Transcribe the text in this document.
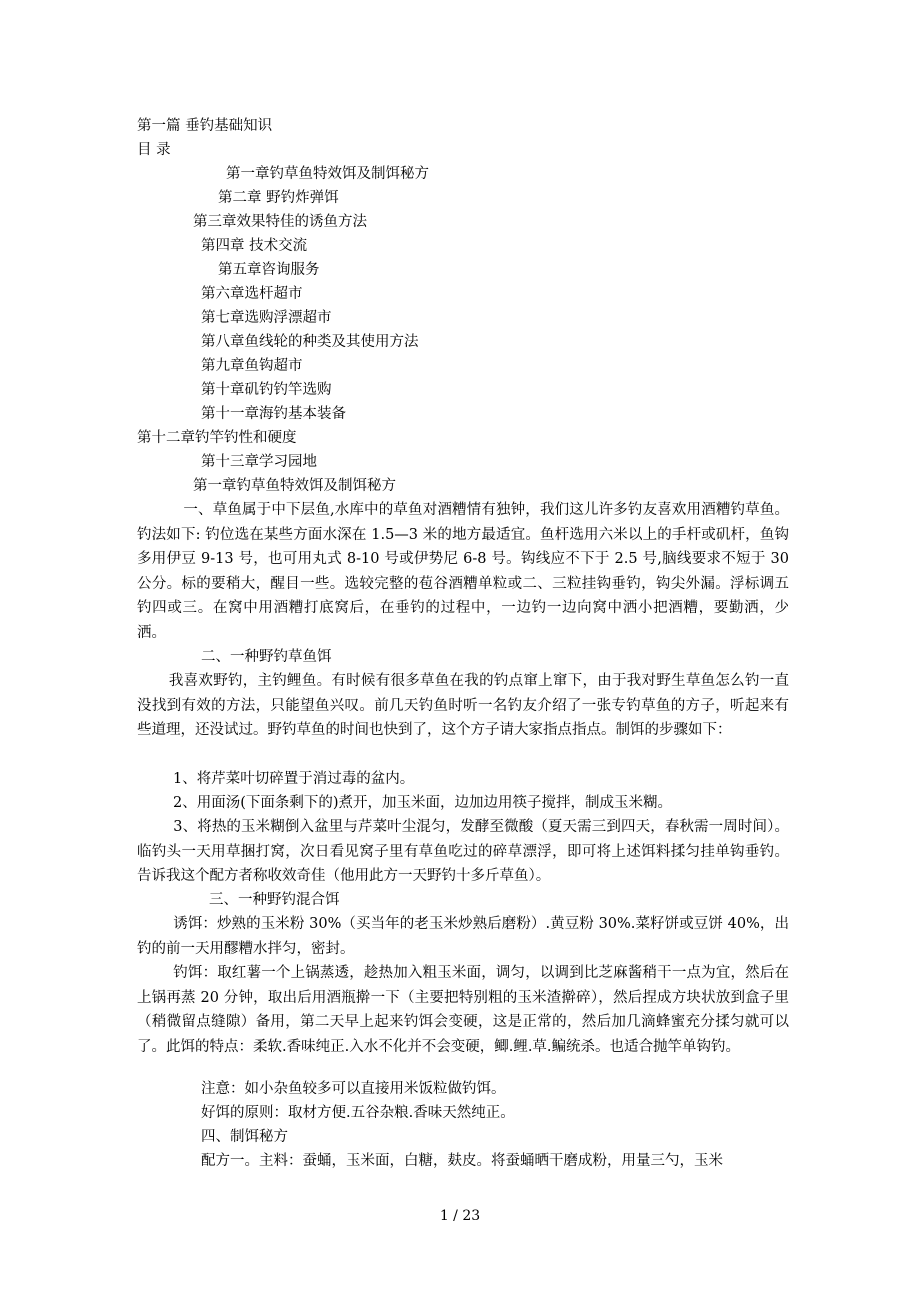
第一篇 垂钓基础知识
目 录
第一章钓草鱼特效饵及制饵秘方
第二章 野钓炸弹饵
第三章效果特佳的诱鱼方法
第四章 技术交流
第五章咨询服务
第六章选杆超市
第七章选购浮漂超市
第八章鱼线轮的种类及其使用方法
第九章鱼钩超市
第十章矶钓钓竿选购
第十一章海钓基本装备
第十二章钓竿钓性和硬度
第十三章学习园地
第一章钓草鱼特效饵及制饵秘方
一、草鱼属于中下层鱼,水库中的草鱼对酒糟情有独钟，我们这儿许多钓友喜欢用酒糟钓草鱼。钓法如下: 钓位选在某些方面水深在 1.5—3 米的地方最适宜。鱼杆选用六米以上的手杆或矶杆，鱼钩多用伊豆 9-13 号，也可用丸式 8-10 号或伊势尼 6-8 号。钩线应不下于 2.5 号,脑线要求不短于 30 公分。标的要稍大，醒目一些。选较完整的苞谷酒糟单粒或二、三粒挂钩垂钓，钩尖外漏。浮标调五钓四或三。在窝中用酒糟打底窝后，在垂钓的过程中，一边钓一边向窝中洒小把酒糟，要勤洒，少洒。
二、一种野钓草鱼饵
我喜欢野钓，主钓鲤鱼。有时候有很多草鱼在我的钓点窜上窜下，由于我对野生草鱼怎么钓一直没找到有效的方法，只能望鱼兴叹。前几天钓鱼时听一名钓友介绍了一张专钓草鱼的方子，听起来有些道理，还没试过。野钓草鱼的时间也快到了，这个方子请大家指点指点。制饵的步骤如下：
1、将芹菜叶切碎置于消过毒的盆内。
2、用面汤(下面条剩下的)煮开，加玉米面，边加边用筷子搅拌，制成玉米糊。
3、将热的玉米糊倒入盆里与芹菜叶尘混匀，发酵至微酸（夏天需三到四天，春秋需一周时间）。临钓头一天用草捆打窝，次日看见窝子里有草鱼吃过的碎草漂浮，即可将上述饵料揉匀挂单钩垂钓。告诉我这个配方者称收效奇佳（他用此方一天野钓十多斤草鱼）。
三、一种野钓混合饵
诱饵：炒熟的玉米粉 30%（买当年的老玉米炒熟后磨粉）.黄豆粉 30%.菜籽饼或豆饼 40%，出钓的前一天用醪糟水拌匀，密封。
钓饵：取红薯一个上锅蒸透，趁热加入粗玉米面，调匀，以调到比芝麻酱稍干一点为宜，然后在上锅再蒸 20 分钟，取出后用酒瓶擀一下（主要把特别粗的玉米渣擀碎），然后捏成方块状放到盒子里（稍微留点缝隙）备用，第二天早上起来钓饵会变硬，这是正常的，然后加几滴蜂蜜充分揉匀就可以了。此饵的特点：柔软.香味纯正.入水不化并不会变硬，鲫.鲤.草.鳊统杀。也适合抛竿单钩钓。
注意：如小杂鱼较多可以直接用米饭粒做钓饵。
好饵的原则：取材方便.五谷杂粮.香味天然纯正。
四、制饵秘方
配方一。主料：蚕蛹，玉米面，白糖，麸皮。将蚕蛹晒干磨成粉，用量三勺，玉米
1 / 23
